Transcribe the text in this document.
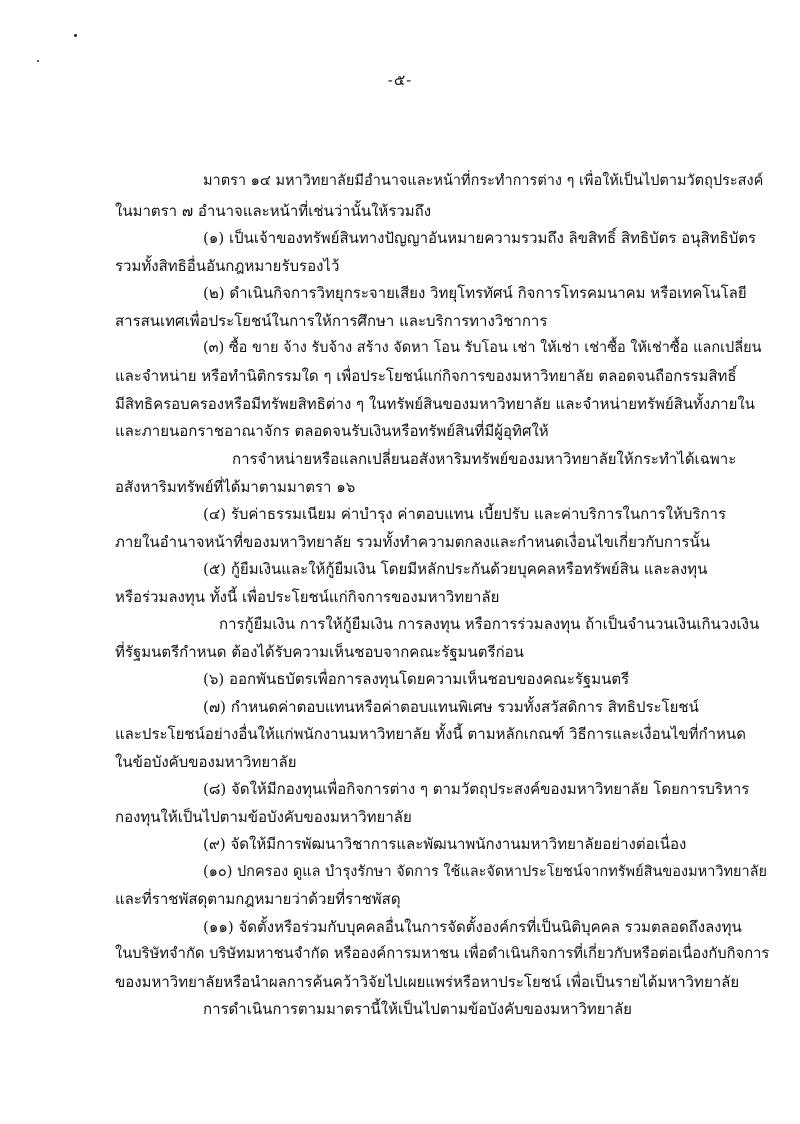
-๕-
มาตรา ๑๔ มหาวิทยาลัยมีอำนาจและหน้าที่กระทำการต่าง ๆ เพื่อให้เป็นไปตามวัตถุประสงค์
ในมาตรา ๗ อำนาจและหน้าที่เช่นว่านั้นให้รวมถึง
(๑) เป็นเจ้าของทรัพย์สินทางปัญญาอันหมายความรวมถึง ลิขสิทธิ์ สิทธิบัตร อนุสิทธิบัตร
รวมทั้งสิทธิอื่นอันกฎหมายรับรองไว้
(๒) ดำเนินกิจการวิทยุกระจายเสียง วิทยุโทรทัศน์ กิจการโทรคมนาคม หรือเทคโนโลยี
สารสนเทศเพื่อประโยชน์ในการให้การศึกษา และบริการทางวิชาการ
(๓) ซื้อ ขาย จ้าง รับจ้าง สร้าง จัดหา โอน รับโอน เช่า ให้เช่า เช่าซื้อ ให้เช่าซื้อ แลกเปลี่ยน
และจำหน่าย หรือทำนิติกรรมใด ๆ เพื่อประโยชน์แก่กิจการของมหาวิทยาลัย ตลอดจนถือกรรมสิทธิ์
มีสิทธิครอบครองหรือมีทรัพยสิทธิต่าง ๆ ในทรัพย์สินของมหาวิทยาลัย และจำหน่ายทรัพย์สินทั้งภายใน
และภายนอกราชอาณาจักร ตลอดจนรับเงินหรือทรัพย์สินที่มีผู้อุทิศให้
การจำหน่ายหรือแลกเปลี่ยนอสังหาริมทรัพย์ของมหาวิทยาลัยให้กระทำได้เฉพาะ
อสังหาริมทรัพย์ที่ได้มาตามมาตรา ๑๖
(๔) รับค่าธรรมเนียม ค่าบำรุง ค่าตอบแทน เบี้ยปรับ และค่าบริการในการให้บริการ
ภายในอำนาจหน้าที่ของมหาวิทยาลัย รวมทั้งทำความตกลงและกำหนดเงื่อนไขเกี่ยวกับการนั้น
(๕) กู้ยืมเงินและให้กู้ยืมเงิน โดยมีหลักประกันด้วยบุคคลหรือทรัพย์สิน และลงทุน
หรือร่วมลงทุน ทั้งนี้ เพื่อประโยชน์แก่กิจการของมหาวิทยาลัย
การกู้ยืมเงิน การให้กู้ยืมเงิน การลงทุน หรือการร่วมลงทุน ถ้าเป็นจำนวนเงินเกินวงเงิน
ที่รัฐมนตรีกำหนด ต้องได้รับความเห็นชอบจากคณะรัฐมนตรีก่อน
(๖) ออกพันธบัตรเพื่อการลงทุนโดยความเห็นชอบของคณะรัฐมนตรี
(๗) กำหนดค่าตอบแทนหรือค่าตอบแทนพิเศษ รวมทั้งสวัสดิการ สิทธิประโยชน์
และประโยชน์อย่างอื่นให้แก่พนักงานมหาวิทยาลัย ทั้งนี้ ตามหลักเกณฑ์ วิธีการและเงื่อนไขที่กำหนด
ในข้อบังคับของมหาวิทยาลัย
(๘) จัดให้มีกองทุนเพื่อกิจการต่าง ๆ ตามวัตถุประสงค์ของมหาวิทยาลัย โดยการบริหาร
กองทุนให้เป็นไปตามข้อบังคับของมหาวิทยาลัย
(๙) จัดให้มีการพัฒนาวิชาการและพัฒนาพนักงานมหาวิทยาลัยอย่างต่อเนื่อง
(๑๐) ปกครอง ดูแล บำรุงรักษา จัดการ ใช้และจัดหาประโยชน์จากทรัพย์สินของมหาวิทยาลัย
และที่ราชพัสดุตามกฎหมายว่าด้วยที่ราชพัสดุ
(๑๑) จัดตั้งหรือร่วมกับบุคคลอื่นในการจัดตั้งองค์กรที่เป็นนิติบุคคล รวมตลอดถึงลงทุน
ในบริษัทจำกัด บริษัทมหาชนจำกัด หรือองค์การมหาชน เพื่อดำเนินกิจการที่เกี่ยวกับหรือต่อเนื่องกับกิจการ
ของมหาวิทยาลัยหรือนำผลการค้นคว้าวิจัยไปเผยแพร่หรือหาประโยชน์ เพื่อเป็นรายได้มหาวิทยาลัย
การดำเนินการตามมาตรานี้ให้เป็นไปตามข้อบังคับของมหาวิทยาลัย
